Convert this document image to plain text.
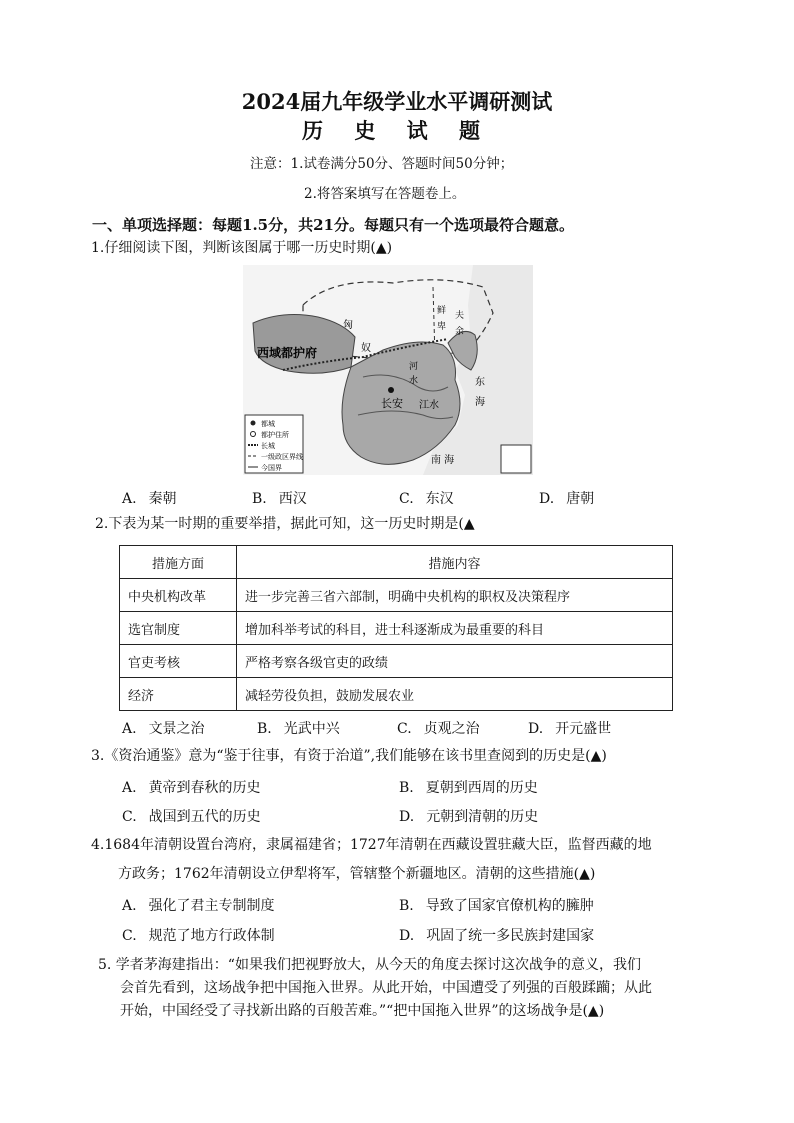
2024届九年级学业水平调研测试
历 史 试 题
注意：1.试卷满分50分、答题时间50分钟；
2.将答案填写在答题卷上。
一、单项选择题：每题1.5分，共21分。每题只有一个选项最符合题意。
1.仔细阅读下图，判断该图属于哪一历史时期(▲)
都城
都护住所
长城
一级政区界线
今国界
西域都护府
匈
奴
鲜
卑
夫
余
河
水
长安 江水
东
海
南 海
A. 秦朝	B. 西汉	C. 东汉	D. 唐朝
2.下表为某一时期的重要举措，据此可知，这一历史时期是(▲
措施方面	措施内容
中央机构改革	进一步完善三省六部制，明确中央机构的职权及决策程序
选官制度	增加科举考试的科目，进士科逐渐成为最重要的科目
官吏考核	严格考察各级官吏的政绩
经济	减轻劳役负担，鼓励发展农业
A. 文景之治	B. 光武中兴	C. 贞观之治	D. 开元盛世
3.《资治通鉴》意为“鉴于往事，有资于治道”,我们能够在该书里查阅到的历史是(▲)
A. 黄帝到春秋的历史	B. 夏朝到西周的历史
C. 战国到五代的历史	D. 元朝到清朝的历史
4.1684年清朝设置台湾府，隶属福建省；1727年清朝在西藏设置驻藏大臣，监督西藏的地
方政务；1762年清朝设立伊犁将军，管辖整个新疆地区。清朝的这些措施(▲)
A. 强化了君主专制制度	B. 导致了国家官僚机构的臃肿
C. 规范了地方行政体制	D. 巩固了统一多民族封建国家
5. 学者茅海建指出：“如果我们把视野放大，从今天的角度去探讨这次战争的意义，我们
会首先看到，这场战争把中国拖入世界。从此开始，中国遭受了列强的百般蹂躏；从此
开始，中国经受了寻找新出路的百般苦难。”“把中国拖入世界”的这场战争是(▲)
